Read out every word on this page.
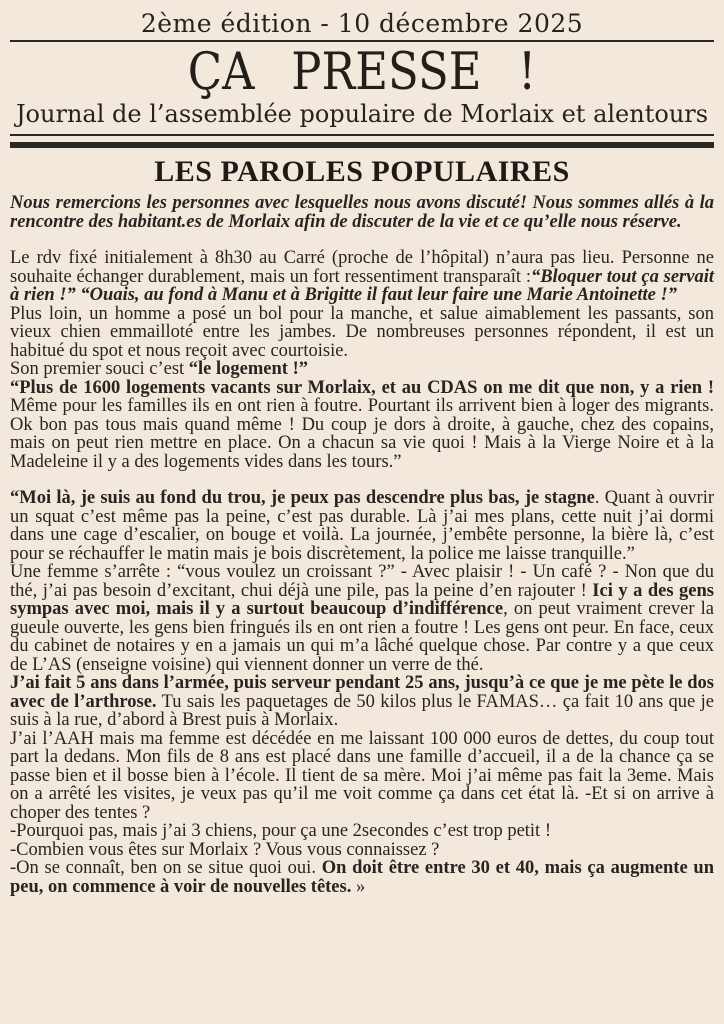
2ème édition - 10 décembre 2025
ÇA PRESSE !
Journal de l’assemblée populaire de Morlaix et alentours
LES PAROLES POPULAIRES

Nous remercions les personnes avec lesquelles nous avons discuté! Nous sommes allés à la rencontre des habitant.es de Morlaix afin de discuter de la vie et ce qu’elle nous réserve.

Le rdv fixé initialement à 8h30 au Carré (proche de l’hôpital) n’aura pas lieu. Personne ne souhaite échanger durablement, mais un fort ressentiment transparaît :“Bloquer tout ça servait à rien !” “Ouais, au fond à Manu et à Brigitte il faut leur faire une Marie Antoinette !”

Plus loin, un homme a posé un bol pour la manche, et salue aimablement les passants, son vieux chien emmailloté entre les jambes. De nombreuses personnes répondent, il est un habitué du spot et nous reçoit avec courtoisie.

Son premier souci c’est “le logement !”

“Plus de 1600 logements vacants sur Morlaix, et au CDAS on me dit que non, y a rien ! Même pour les familles ils en ont rien à foutre. Pourtant ils arrivent bien à loger des migrants. Ok bon pas tous mais quand même ! Du coup je dors à droite, à gauche, chez des copains, mais on peut rien mettre en place. On a chacun sa vie quoi ! Mais à la Vierge Noire et à la Madeleine il y a des logements vides dans les tours.”

“Moi là, je suis au fond du trou, je peux pas descendre plus bas, je stagne. Quant à ouvrir un squat c’est même pas la peine, c’est pas durable. Là j’ai mes plans, cette nuit j’ai dormi dans une cage d’escalier, on bouge et voilà. La journée, j’embête personne, la bière là, c’est pour se réchauffer le matin mais je bois discrètement, la police me laisse tranquille.”

Une femme s’arrête : “vous voulez un croissant ?” - Avec plaisir ! - Un café ? - Non que du thé, j’ai pas besoin d’excitant, chui déjà une pile, pas la peine d’en rajouter ! Ici y a des gens sympas avec moi, mais il y a surtout beaucoup d’indifférence, on peut vraiment crever la gueule ouverte, les gens bien fringués ils en ont rien a foutre ! Les gens ont peur. En face, ceux du cabinet de notaires y en a jamais un qui m’a lâché quelque chose. Par contre y a que ceux de L’AS (enseigne voisine) qui viennent donner un verre de thé.

J’ai fait 5 ans dans l’armée, puis serveur pendant 25 ans, jusqu’à ce que je me pète le dos avec de l’arthrose. Tu sais les paquetages de 50 kilos plus le FAMAS… ça fait 10 ans que je suis à la rue, d’abord à Brest puis à Morlaix.

J’ai l’AAH mais ma femme est décédée en me laissant 100 000 euros de dettes, du coup tout part la dedans. Mon fils de 8 ans est placé dans une famille d’accueil, il a de la chance ça se passe bien et il bosse bien à l’école. Il tient de sa mère. Moi j’ai même pas fait la 3eme. Mais on a arrêté les visites, je veux pas qu’il me voit comme ça dans cet état là. -Et si on arrive à choper des tentes ?

-Pourquoi pas, mais j’ai 3 chiens, pour ça une 2secondes c’est trop petit !

-Combien vous êtes sur Morlaix ? Vous vous connaissez ?

-On se connaît, ben on se situe quoi oui. On doit être entre 30 et 40, mais ça augmente un peu, on commence à voir de nouvelles têtes. »
